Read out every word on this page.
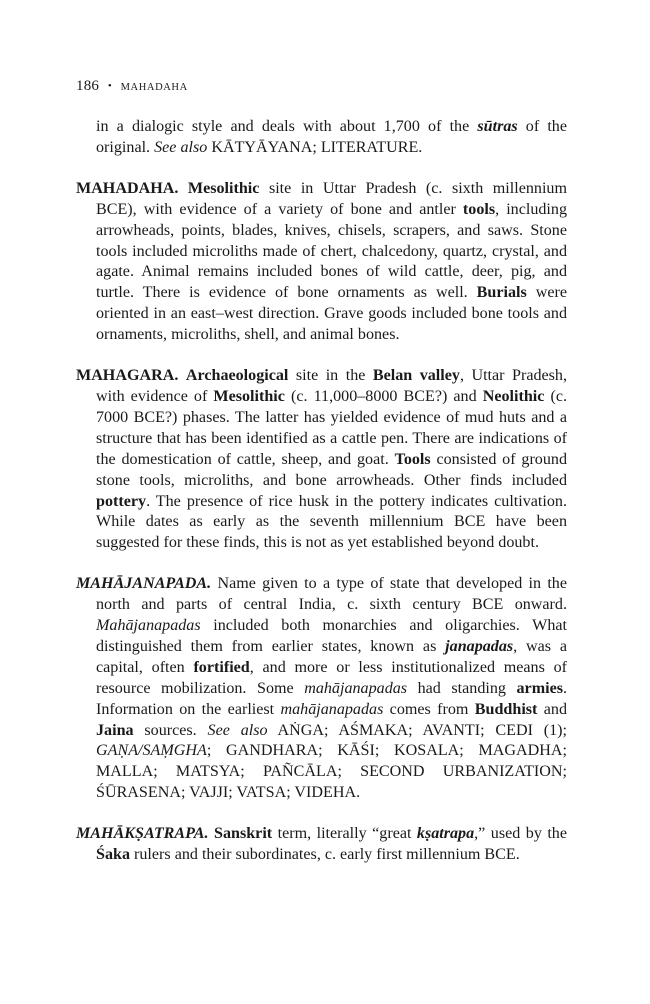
186 • MAHADAHA

in a dialogic style and deals with about 1,700 of the sūtras of the original. See also KĀTYĀYANA; LITERATURE.

MAHADAHA. Mesolithic site in Uttar Pradesh (c. sixth millennium BCE), with evidence of a variety of bone and antler tools, including arrowheads, points, blades, knives, chisels, scrapers, and saws. Stone tools included microliths made of chert, chalcedony, quartz, crystal, and agate. Animal remains included bones of wild cattle, deer, pig, and turtle. There is evidence of bone ornaments as well. Burials were oriented in an east–west direction. Grave goods included bone tools and ornaments, microliths, shell, and animal bones.

MAHAGARA. Archaeological site in the Belan valley, Uttar Pradesh, with evidence of Mesolithic (c. 11,000–8000 BCE?) and Neolithic (c. 7000 BCE?) phases. The latter has yielded evidence of mud huts and a structure that has been identified as a cattle pen. There are indications of the domestication of cattle, sheep, and goat. Tools consisted of ground stone tools, microliths, and bone arrowheads. Other finds included pottery. The presence of rice husk in the pottery indicates cultivation. While dates as early as the seventh millennium BCE have been suggested for these finds, this is not as yet established beyond doubt.

MAHĀJANAPADA. Name given to a type of state that developed in the north and parts of central India, c. sixth century BCE onward. Mahājanapadas included both monarchies and oligarchies. What distinguished them from earlier states, known as janapadas, was a capital, often fortified, and more or less institutionalized means of resource mobilization. Some mahājanapadas had standing armies. Information on the earliest mahājanapadas comes from Buddhist and Jaina sources. See also AṄGA; AŚMAKA; AVANTI; CEDI (1); GAṆA/SAṂGHA; GANDHARA; KĀŚI; KOSALA; MAGADHA; MALLA; MATSYA; PAÑCĀLA; SECOND URBANIZATION; ŚŪRASENA; VAJJI; VATSA; VIDEHA.

MAHĀKṢATRAPA. Sanskrit term, literally “great kṣatrapa,” used by the Śaka rulers and their subordinates, c. early first millennium BCE.
